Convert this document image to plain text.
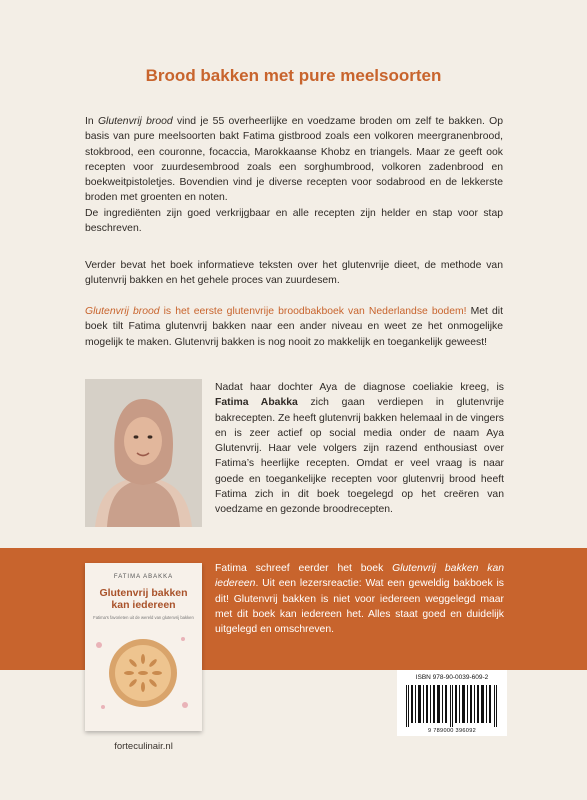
Brood bakken met pure meelsoorten
In Glutenvrij brood vind je 55 overheerlijke en voedzame broden om zelf te bakken. Op basis van pure meelsoorten bakt Fatima gistbrood zoals een volkoren meergranenbrood, stokbrood, een couronne, focaccia, Marokkaanse Khobz en triangels. Maar ze geeft ook recepten voor zuurdesembrood zoals een sorghumbrood, volkoren zadenbrood en boekweitpistoletjes. Bovendien vind je diverse recepten voor sodabrood en de lekkerste broden met groenten en noten.
De ingrediënten zijn goed verkrijgbaar en alle recepten zijn helder en stap voor stap beschreven.
Verder bevat het boek informatieve teksten over het glutenvrije dieet, de methode van glutenvrij bakken en het gehele proces van zuurdesem.
Glutenvrij brood is het eerste glutenvrije broodbakboek van Nederlandse bodem! Met dit boek tilt Fatima glutenvrij bakken naar een ander niveau en weet ze het onmogelijke mogelijk te maken. Glutenvrij bakken is nog nooit zo makkelijk en toegankelijk geweest!
Nadat haar dochter Aya de diagnose coeliakie kreeg, is Fatima Abakka zich gaan verdiepen in glutenvrije bakrecepten. Ze heeft glutenvrij bakken helemaal in de vingers en is zeer actief op social media onder de naam Aya Glutenvrij. Haar vele volgers zijn razend enthousiast over Fatima’s heerlijke recepten. Omdat er veel vraag is naar goede en toegankelijke recepten voor glutenvrij brood heeft Fatima zich in dit boek toegelegd op het creëren van voedzame en gezonde broodrecepten.
Fatima schreef eerder het boek Glutenvrij bakken kan iedereen. Uit een lezersreactie: Wat een geweldig bakboek is dit! Glutenvrij bakken is niet voor iedereen weggelegd maar met dit boek kan iedereen het. Alles staat goed en duidelijk uitgelegd en omschreven.
FATIMA ABAKKA
Glutenvrij bakken kan iedereen
Fatima's favorieten uit de wereld van glutenvrij bakken
ISBN 978-90-0039-609-2
9 789000 396092
forteculinair.nl
